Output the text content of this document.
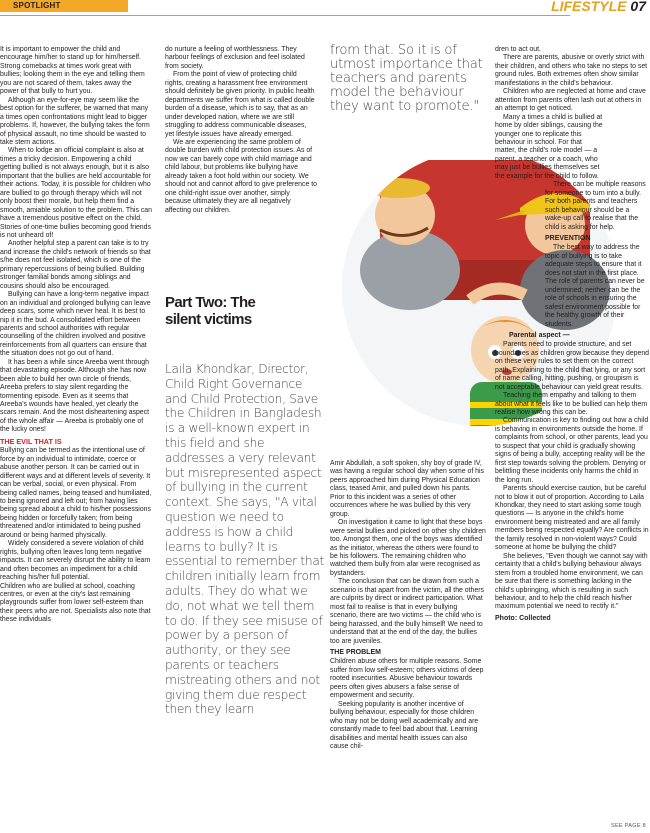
SPOTLIGHT	LIFESTYLE 07

It is important to empower the child and encourage him/her to stand up for him/herself. Strong comebacks at times work great with bullies; looking them in the eye and telling them you are not scared of them, takes away the power of that bully to hurt you.

Although an eye-for-eye may seem like the best option for the sufferer, be warned that many a times open confrontations might lead to bigger problems. If, however, the bullying takes the form of physical assault, no time should be wasted to take stern actions.

When to lodge an official complaint is also at times a tricky decision. Empowering a child getting bullied is not always enough, but it is also important that the bullies are held accountable for their actions. Today, it is possible for children who are bullied to go through therapy which will not only boost their morale, but help them find a smooth, amiable solution to the problem. This can have a tremendous positive effect on the child. Stories of one-time bullies becoming good friends is not unheard of!

Another helpful step a parent can take is to try and increase the child's network of friends so that s/he does not feel isolated, which is one of the primary repercussions of being bullied. Building stronger familial bonds among siblings and cousins should also be encouraged.

Bullying can have a long-term negative impact on an individual and prolonged bullying can leave deep scars, some which never heal. It is best to nip it in the bud. A consolidated effort between parents and school authorities with regular counselling of the children involved and positive reinforcements from all quarters can ensure that the situation does not go out of hand.

It has been a while since Areeba went through that devastating episode. Although she has now been able to build her own circle of friends, Areeba prefers to stay silent regarding the tormenting episode. Even as it seems that Areeba's wounds have healed, yet clearly the scars remain. And the most disheartening aspect of the whole affair — Areeba is probably one of the lucky ones!

THE EVIL THAT IS

Bullying can be termed as the intentional use of force by an individual to intimidate, coerce or abuse another person. It can be carried out in different ways and at different levels of severity. It can be verbal, social, or even physical. From being called names, being teased and humiliated, to being ignored and left out; from having lies being spread about a child to his/her possessions being hidden or forcefully taken; from being threatened and/or intimidated to being pushed around or being harmed physically.

Widely considered a severe violation of child rights, bullying often leaves long term negative impacts. It can severely disrupt the ability to learn and often becomes an impediment for a child reaching his/her full potential.

Children who are bullied at school, coaching centres, or even at the city's last remaining playgrounds suffer from lower self-esteem than their peers who are not. Specialists also note that these individuals

do nurture a feeling of worthlessness. They harbour feelings of exclusion and feel isolated from society.

From the point of view of protecting child rights, creating a harassment free environment should definitely be given priority. In public health departments we suffer from what is called double burden of a disease, which is to say, that as an under developed nation, where we are still struggling to address communicable diseases, yet lifestyle issues have already emerged.

We are experiencing the same problem of double burden with child protection issues. As of now we can barely cope with child marriage and child labour, but problems like bullying have already taken a foot hold within our society. We should not and cannot afford to give preference to one child-right issue over another, simply because ultimately they are all negatively affecting our children.

Part Two: The silent victims
Laila Khondkar, Director, Child Right Governance and Child Protection, Save the Children in Bangladesh is a well-known expert in this field and she addresses a very relevant but misrepresented aspect of bullying in the current context. She says, "A vital question we need to address is how a child learns to bully? It is essential to remember that children initially learn from adults. They do what we do, not what we tell them to do. If they see misuse of power by a person of authority, or they see parents or teachers mistreating others and not giving them due respect then they learn
from that. So it is of utmost importance that teachers and parents model the behaviour they want to promote."

Amir Abdullah, a soft spoken, shy boy of grade IV, was having a regular school day when some of his peers approached him during Physical Education class, teased Amir, and pulled down his pants. Prior to this incident was a series of other occurrences where he was bullied by this very group.

On investigation it came to light that these boys were serial bullies and picked on other shy children too. Amongst them, one of the boys was identified as the initiator, whereas the others were found to be his followers. The remaining children who watched them bully from afar were recognised as bystanders.

The conclusion that can be drawn from such a scenario is that apart from the victim, all the others are culprits by direct or indirect participation. What most fail to realise is that in every bullying scenario, there are two victims — the child who is being harassed, and the bully himself! We need to understand that at the end of the day, the bullies too are juveniles.

THE PROBLEM

Children abuse others for multiple reasons. Some suffer from low self-esteem; others victims of deep rooted insecurities. Abusive behaviour towards peers often gives abusers a false sense of empowerment and security.

Seeking popularity is another incentive of bullying behaviour, especially for those children who may not be doing well academically and are constantly made to feel bad about that. Learning disabilities and mental health issues can also cause chil-

dren to act out.

There are parents, abusive or overly strict with their children, and others who take no steps to set ground rules. Both extremes often show similar manifestations in the child's behaviour.

Children who are neglected at home and crave attention from parents often lash out at others in an attempt to get noticed.

Many a times a child is bullied at home by older siblings, causing the younger one to replicate this behaviour in school. For that matter, the child's role model — a parent, a teacher or a coach, who may just be bullies themselves set the example for the child to follow.

There can be multiple reasons for someone to turn into a bully. For both parents and teachers such behaviour should be a wake-up call to realise that the child is asking for help.

PREVENTION

The best way to address the topic of bullying is to take adequate steps to ensure that it does not start in the first place. The role of parents can never be undermined; neither can be the role of schools in ensuring the safest environment possible for the healthy growth of their students.

Parental aspect —

Parents need to provide structure, and set boundaries as children grow because they depend on these very rules to set them on the correct path. Explaining to the child that lying, or any sort of name calling, hitting, pushing, or groupism is not acceptable behaviour can yield great results.

Teaching them empathy and talking to them about what it feels like to be bullied can help them realise how wrong this can be.

Communication is key to finding out how a child is behaving in environments outside the home. If complaints from school, or other parents, lead you to suspect that your child is gradually showing signs of being a bully, accepting reality will be the first step towards solving the problem. Denying or belittling these incidents only harms the child in the long run.

Parents should exercise caution, but be careful not to blow it out of proportion. According to Laila Khondkar, they need to start asking some tough questions — Is anyone in the child's home environment being mistreated and are all family members being respected equally? Are conflicts in the family resolved in non-violent ways? Could someone at home be bullying the child?

She believes, "Even though we cannot say with certainty that a child's bullying behaviour always stem from a troubled home environment, we can be sure that there is something lacking in the child's upbringing, which is resulting in such behaviour, and to help the child reach his/her maximum potential we need to rectify it."

Photo: Collected
SEE PAGE 8
